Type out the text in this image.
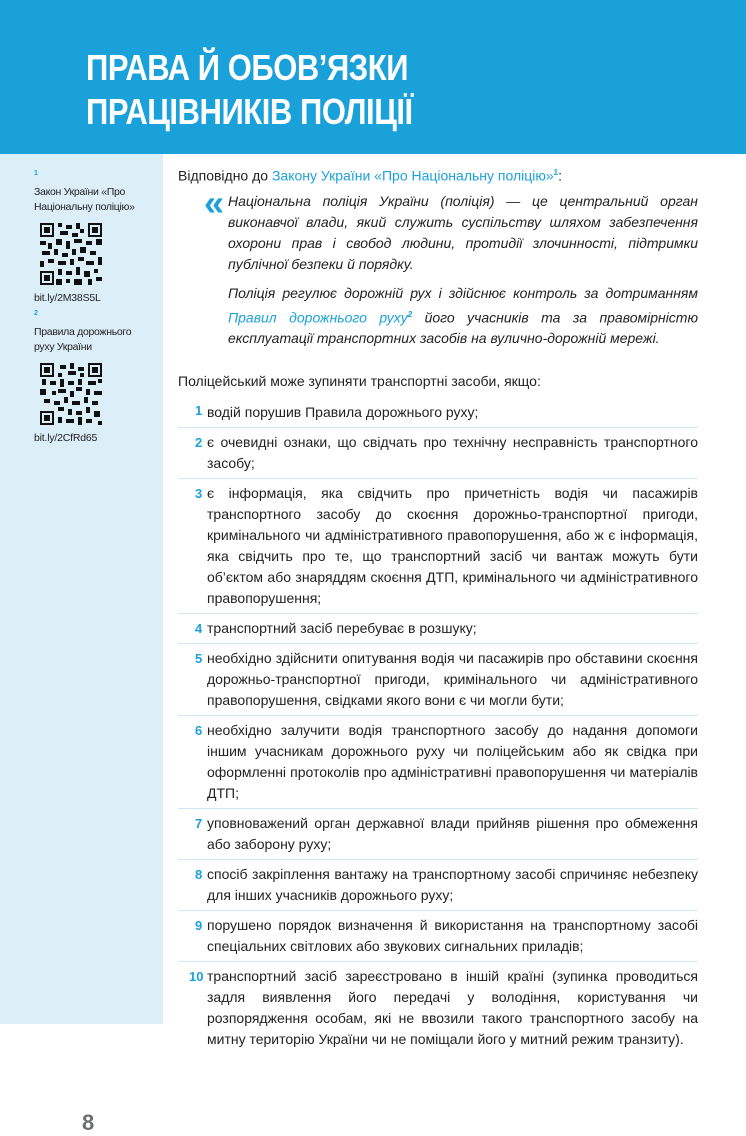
ПРАВА Й ОБОВ’ЯЗКИ
ПРАЦІВНИКІВ ПОЛІЦІЇ
$^1$Закон України «Про Національну поліцію»
bit.ly/2M38S5L
$^2$Правила дорожнього руху України
bit.ly/2CfRd65
8

Відповідно до Закону України «Про Національну поліцію»$^1$:

« Національна поліція України (поліція) — це центральний орган виконавчої влади, який служить суспільству шляхом забезпечення охорони прав і свобод людини, протидії злочинності, підтримки публічної безпеки й порядку.

Поліція регулює дорожній рух і здійснює контроль за дотриманням Правил дорожнього руху$^2$ його учасників та за правомірністю експлуатації транспортних засобів на вулично-дорожній мережі.

Поліцейський може зупиняти транспортні засоби, якщо:

1 водій порушив Правила дорожнього руху;
2 є очевидні ознаки, що свідчать про технічну несправність транспортного засобу;
3 є інформація, яка свідчить про причетність водія чи пасажирів транспортного засобу до скоєння дорожньо-транспортної пригоди, кримінального чи адміністративного правопорушення, або ж є інформація, яка свідчить про те, що транспортний засіб чи вантаж можуть бути об’єктом або знаряддям скоєння ДТП, кримінального чи адміністративного правопорушення;
4 транспортний засіб перебуває в розшуку;
5 необхідно здійснити опитування водія чи пасажирів про обставини скоєння дорожньо-транспортної пригоди, кримінального чи адміністративного правопорушення, свідками якого вони є чи могли бути;
6 необхідно залучити водія транспортного засобу до надання допомоги іншим учасникам дорожнього руху чи поліцейським або як свідка при оформленні протоколів про адміністративні правопорушення чи матеріалів ДТП;
7 уповноважений орган державної влади прийняв рішення про обмеження або заборону руху;
8 спосіб закріплення вантажу на транспортному засобі спричиняє небезпеку для інших учасників дорожнього руху;
9 порушено порядок визначення й використання на транспортному засобі спеціальних світлових або звукових сигнальних приладів;
10 транспортний засіб зареєстровано в іншій країні (зупинка проводиться задля виявлення його передачі у володіння, користування чи розпорядження особам, які не ввозили такого транспортного засобу на митну територію України чи не поміщали його у митний режим транзиту).
